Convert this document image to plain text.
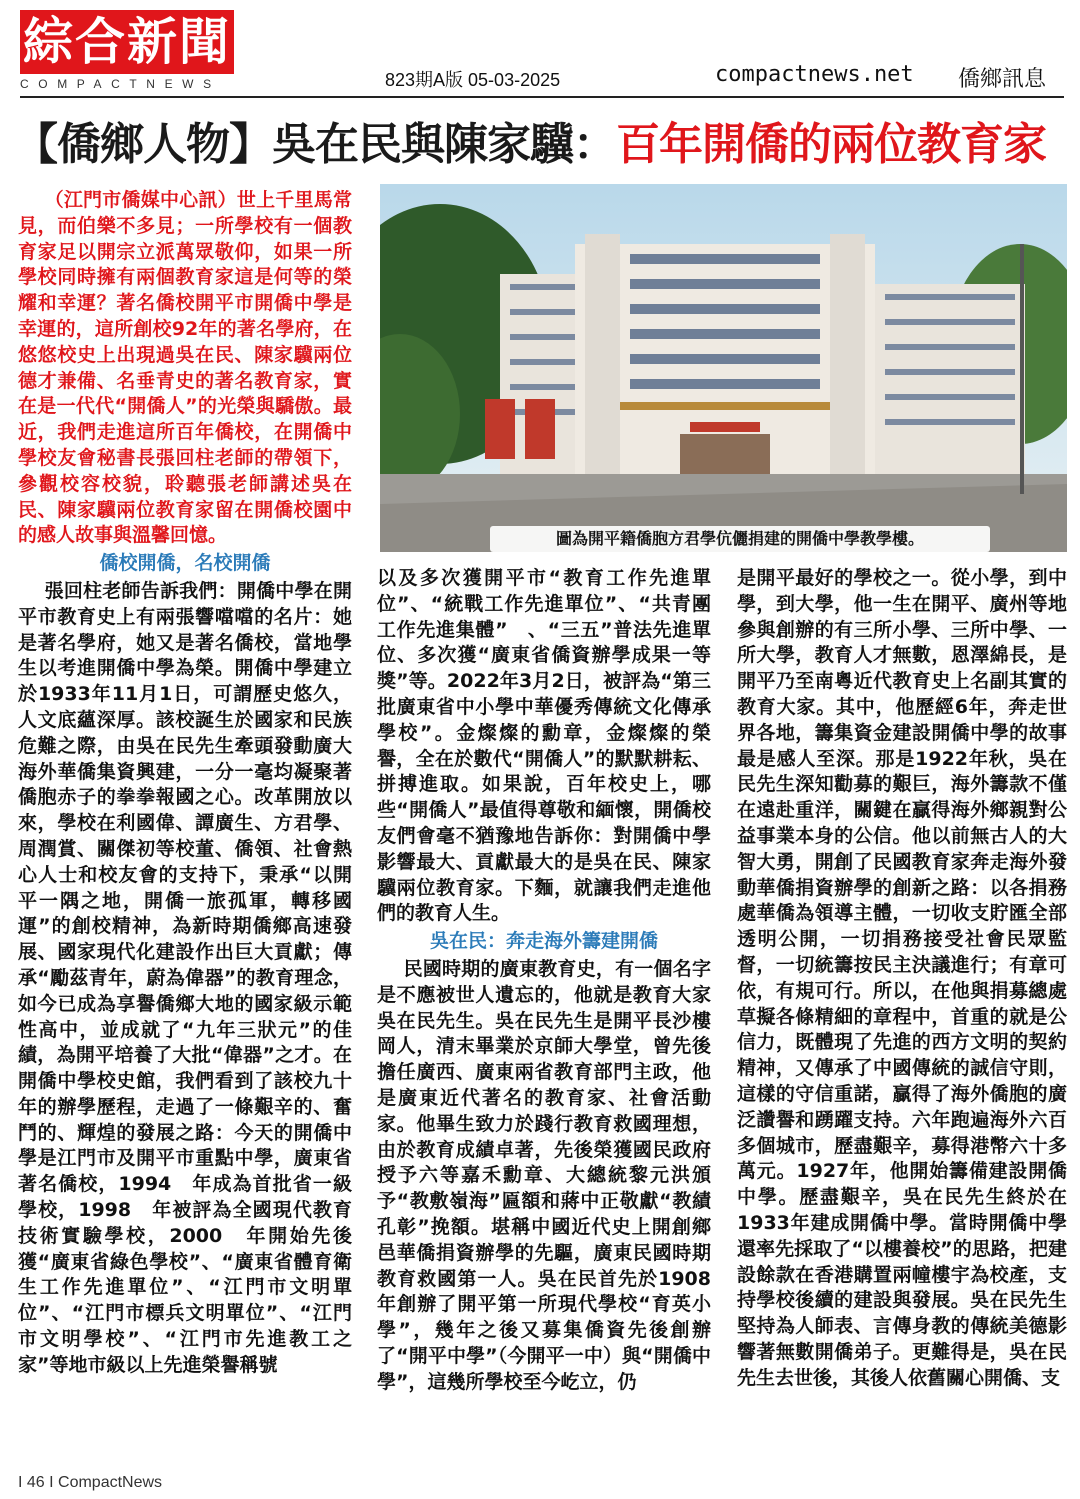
綜合新聞
COMPACTNEWS	823期A版 05-03-2025	compactnews.net 僑鄉訊息
【僑鄉人物】吳在民與陳家驥：百年開僑的兩位教育家

（江門市僑媒中心訊）世上千里馬常見，而伯樂不多見；一所學校有一個教育家足以開宗立派萬眾敬仰，如果一所學校同時擁有兩個教育家這是何等的榮耀和幸運？著名僑校開平市開僑中學是幸運的，這所創校92年的著名學府，在悠悠校史上出現過吳在民、陳家驥兩位德才兼備、名垂青史的著名教育家，實在是一代代“開僑人”的光榮與驕傲。最近，我們走進這所百年僑校，在開僑中學校友會秘書長張回柱老師的帶領下，參觀校容校貌，聆聽張老師講述吳在民、陳家驥兩位教育家留在開僑校園中的感人故事與溫馨回憶。

僑校開僑，名校開僑

張回柱老師告訴我們：開僑中學在開平市教育史上有兩張響噹噹的名片：她是著名學府，她又是著名僑校，當地學生以考進開僑中學為榮。開僑中學建立於1933年11月1日，可謂歷史悠久，人文底蘊深厚。該校誕生於國家和民族危難之際，由吳在民先生牽頭發動廣大海外華僑集資興建，一分一毫均凝聚著僑胞赤子的拳拳報國之心。改革開放以來，學校在利國偉、譚廣生、方君學、周潤賞、關傑初等校董、僑領、社會熱心人士和校友會的支持下，秉承“以開平一隅之地，開僑一旅孤軍，轉移國運”的創校精神，為新時期僑鄉高速發展、國家現代化建設作出巨大貢獻；傳承“勵茲青年，蔚為偉器”的教育理念，如今已成為享譽僑鄉大地的國家級示範性高中，並成就了“九年三狀元”的佳績，為開平培養了大批“偉器”之才。在開僑中學校史館，我們看到了該校九十年的辦學歷程，走過了一條艱辛的、奮鬥的、輝煌的發展之路：今天的開僑中學是江門市及開平市重點中學，廣東省著名僑校，1994　年成為首批省一級學校，1998　年被評為全國現代教育技術實驗學校，2000　年開始先後獲“廣東省綠色學校”、“廣東省體育衛生工作先進單位”、“江門市文明單位”、“江門市標兵文明單位”、“江門市文明學校”、“江門市先進教工之家”等地市級以上先進榮譽稱號

圖為開平籍僑胞方君學伉儷捐建的開僑中學教學樓。

以及多次獲開平市“教育工作先進單位”、“統戰工作先進單位”、“共青團工作先進集體”　、“三五”普法先進單位、多次獲“廣東省僑資辦學成果一等獎”等。2022年3月2日，被評為“第三批廣東省中小學中華優秀傳統文化傳承學校”。金燦燦的勳章，金燦燦的榮譽，全在於數代“開僑人”的默默耕耘、拼搏進取。如果說，百年校史上，哪些“開僑人”最值得尊敬和緬懷，開僑校友們會毫不猶豫地告訴你：對開僑中學影響最大、貢獻最大的是吳在民、陳家驥兩位教育家。下麵，就讓我們走進他們的教育人生。

吳在民：奔走海外籌建開僑

民國時期的廣東教育史，有一個名字是不應被世人遺忘的，他就是教育大家吳在民先生。吳在民先生是開平長沙樓岡人，清末畢業於京師大學堂，曾先後擔任廣西、廣東兩省教育部門主政，他是廣東近代著名的教育家、社會活動家。他畢生致力於踐行教育救國理想，由於教育成績卓著，先後榮獲國民政府授予六等嘉禾勳章、大總統黎元洪頒予“教敷嶺海”匾額和蔣中正敬獻“教績孔彰”挽額。堪稱中國近代史上開創鄉邑華僑捐資辦學的先驅，廣東民國時期教育救國第一人。吳在民首先於1908年創辦了開平第一所現代學校“育英小學”，幾年之後又募集僑資先後創辦了“開平中學”（今開平一中）與“開僑中學”，這幾所學校至今屹立，仍

是開平最好的學校之一。從小學，到中學，到大學，他一生在開平、廣州等地參與創辦的有三所小學、三所中學、一所大學，教育人才無數，恩澤綿長，是開平乃至南粵近代教育史上名副其實的教育大家。其中，他歷經6年，奔走世界各地，籌集資金建設開僑中學的故事最是感人至深。那是1922年秋，吳在民先生深知勸募的艱巨，海外籌款不僅在遠赴重洋，關鍵在贏得海外鄉親對公益事業本身的公信。他以前無古人的大智大勇，開創了民國教育家奔走海外發動華僑捐資辦學的創新之路：以各捐務處華僑為領導主體，一切收支貯匯全部透明公開，一切捐務接受社會民眾監督，一切統籌按民主決議進行；有章可依，有規可行。所以，在他與捐募總處草擬各條精細的章程中，首重的就是公信力，既體現了先進的西方文明的契約精神，又傳承了中國傳統的誠信守則，這樣的守信重諾，贏得了海外僑胞的廣泛讚譽和踴躍支持。六年跑遍海外六百多個城市，歷盡艱辛，募得港幣六十多萬元。1927年，他開始籌備建設開僑中學。歷盡艱辛，吳在民先生終於在1933年建成開僑中學。當時開僑中學還率先採取了“以樓養校”的思路，把建設餘款在香港購置兩幢樓宇為校產，支持學校後續的建設與發展。吳在民先生堅持為人師表、言傳身教的傳統美德影響著無數開僑弟子。更難得是，吳在民先生去世後，其後人依舊關心開僑、支

I 46 I CompactNews
